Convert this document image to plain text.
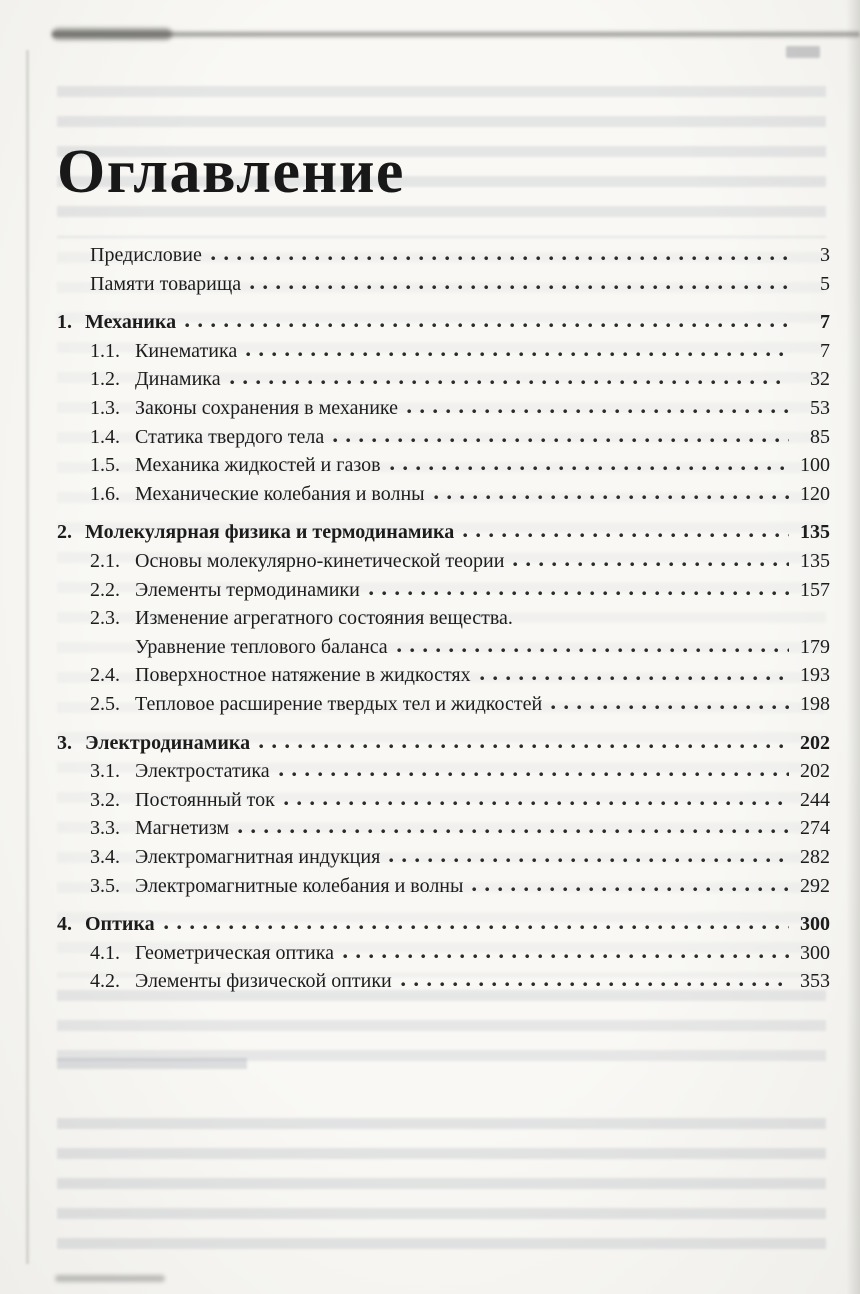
Оглавление
Предисловие	3
Памяти товарища	5
1. Механика	7
1.1. Кинематика	7
1.2. Динамика	32
1.3. Законы сохранения в механике	53
1.4. Статика твердого тела	85
1.5. Механика жидкостей и газов	100
1.6. Механические колебания и волны	120
2. Молекулярная физика и термодинамика	135
2.1. Основы молекулярно-кинетической теории	135
2.2. Элементы термодинамики	157
2.3. Изменение агрегатного состояния вещества.
Уравнение теплового баланса	179
2.4. Поверхностное натяжение в жидкостях	193
2.5. Тепловое расширение твердых тел и жидкостей	198
3. Электродинамика	202
3.1. Электростатика	202
3.2. Постоянный ток	244
3.3. Магнетизм	274
3.4. Электромагнитная индукция	282
3.5. Электромагнитные колебания и волны	292
4. Оптика	300
4.1. Геометрическая оптика	300
4.2. Элементы физической оптики	353
